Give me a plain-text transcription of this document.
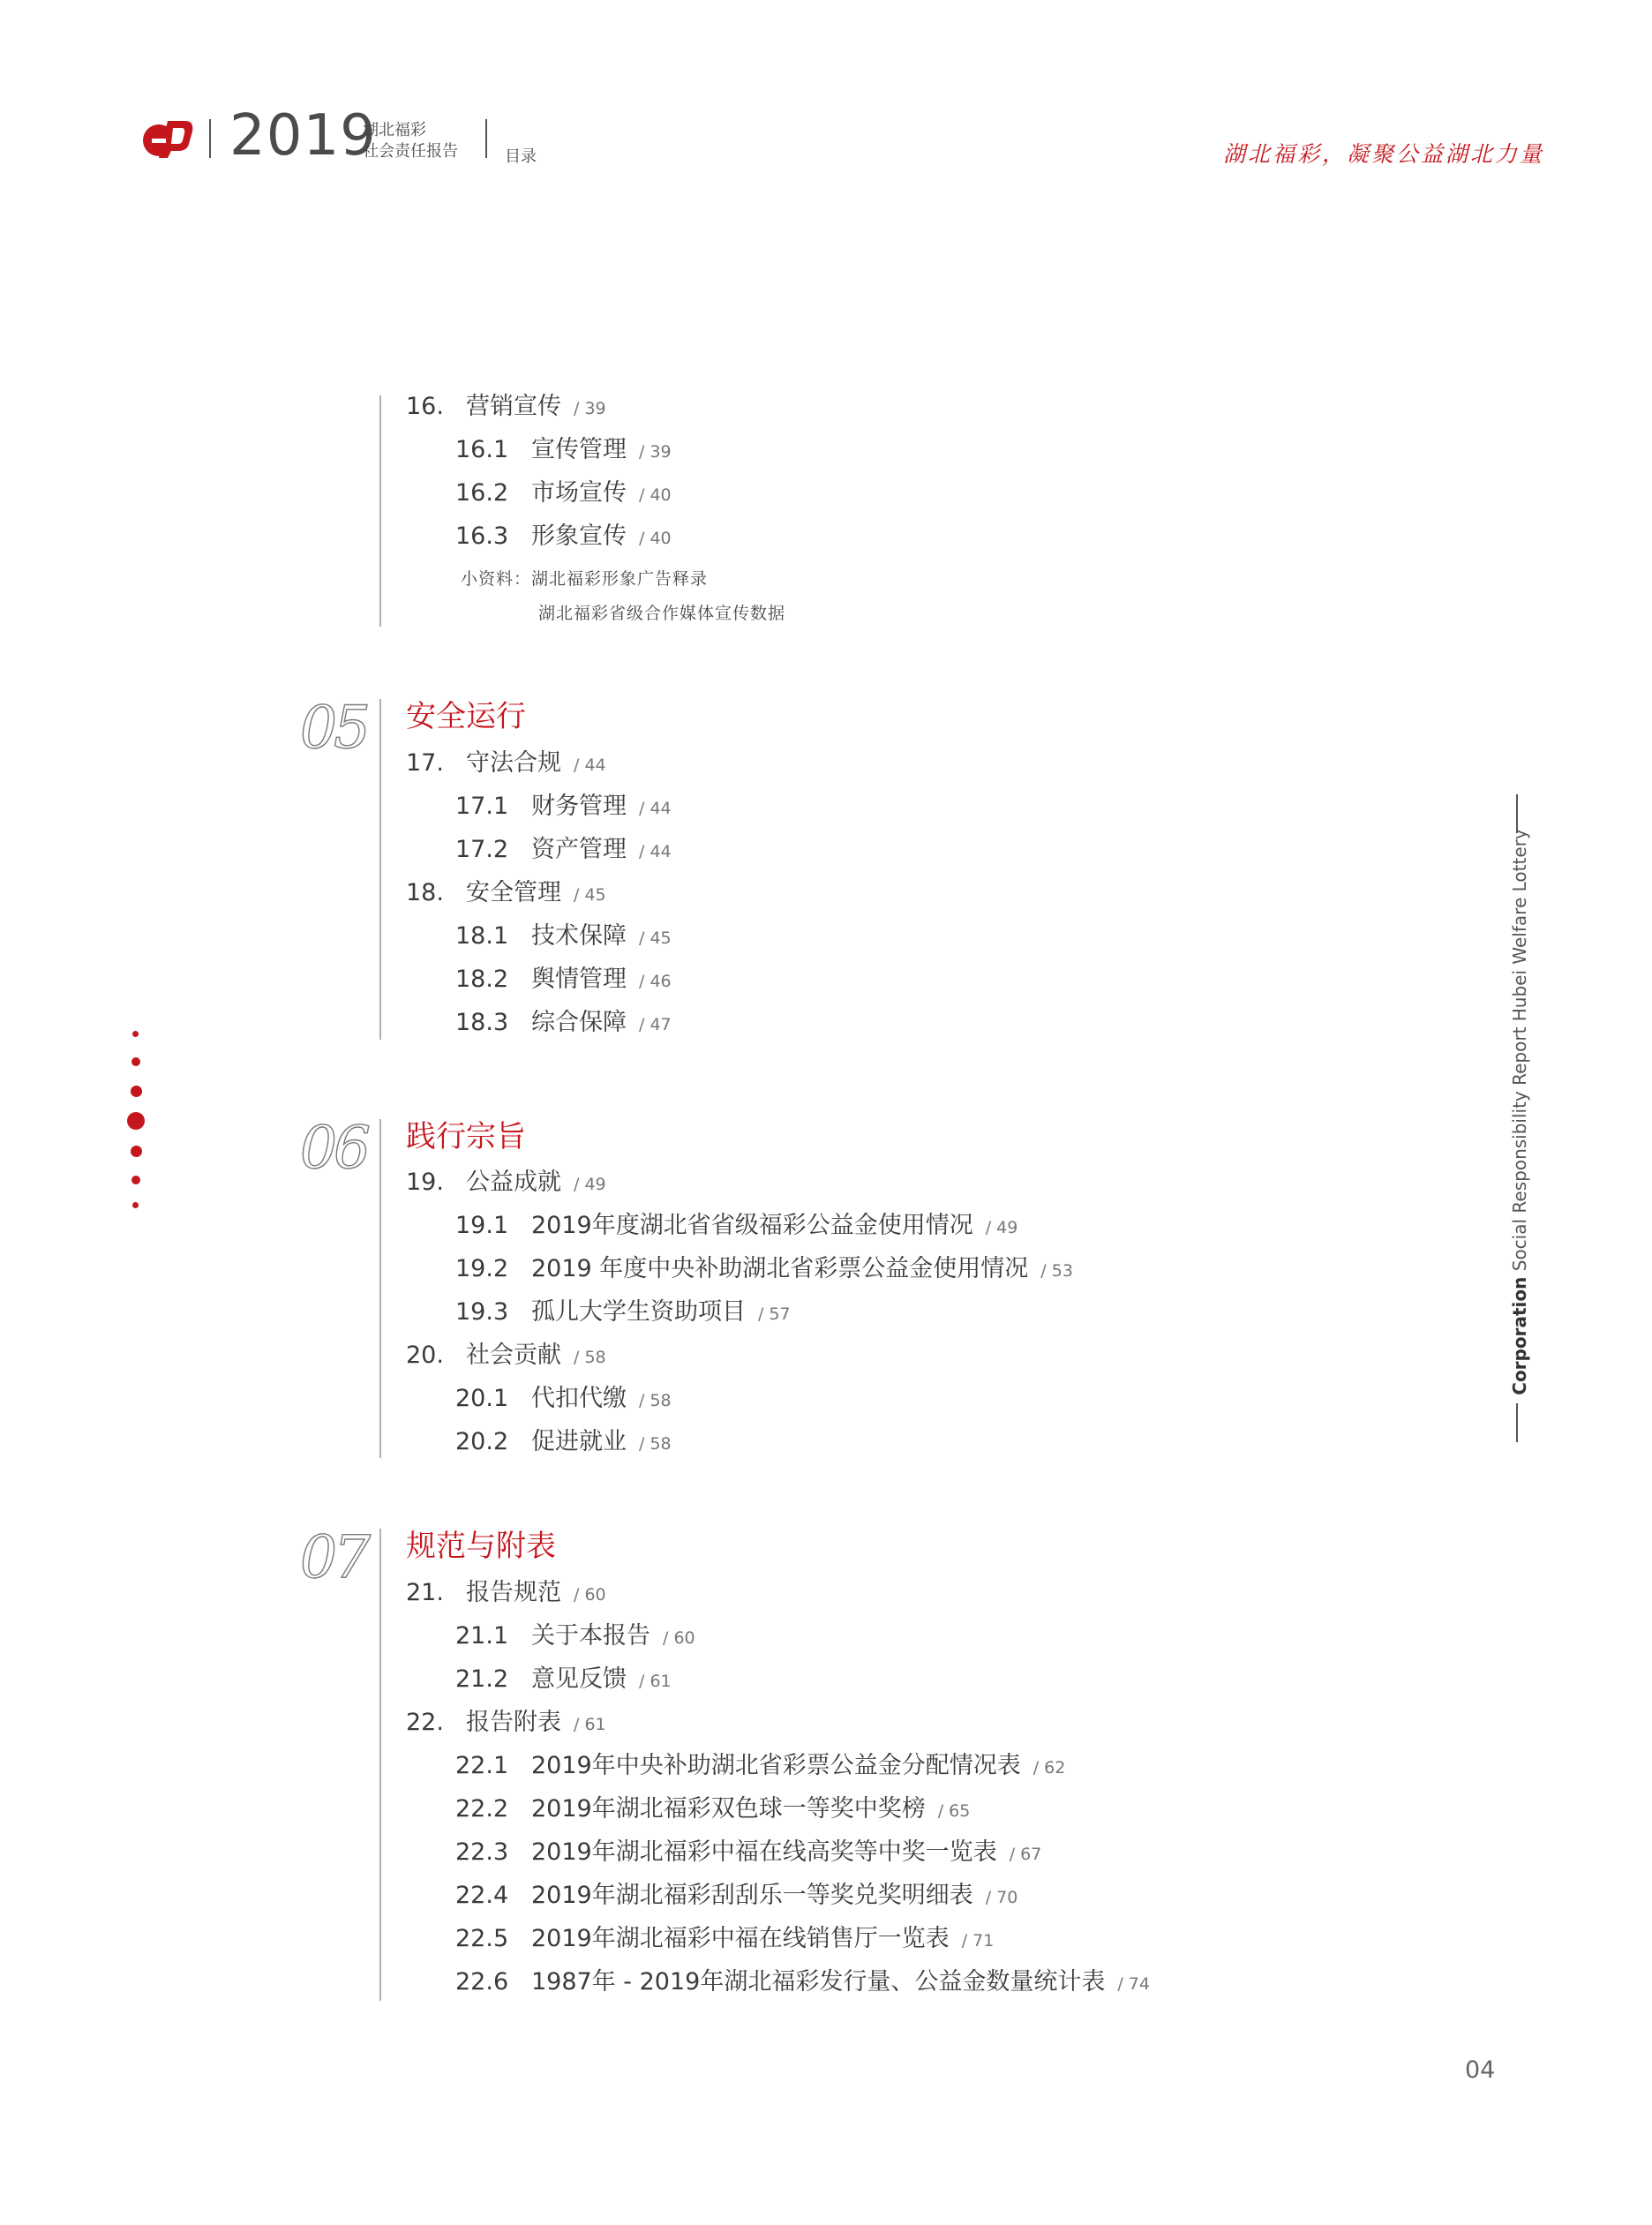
2019
湖北福彩
社会责任报告	目录	湖北福彩，凝聚公益湖北力量
16. 营销宣传 / 39
16.1 宣传管理 / 39
16.2 市场宣传 / 40
16.3 形象宣传 / 40
小资料：湖北福彩形象广告释录
湖北福彩省级合作媒体宣传数据
05 安全运行
17. 守法合规 / 44
17.1 财务管理 / 44
17.2 资产管理 / 44
18. 安全管理 / 45
18.1 技术保障 / 45
18.2 舆情管理 / 46
18.3 综合保障 / 47
06 践行宗旨
19. 公益成就 / 49
19.1 2019年度湖北省省级福彩公益金使用情况 / 49
19.2 2019 年度中央补助湖北省彩票公益金使用情况 / 53
19.3 孤儿大学生资助项目 / 57
20. 社会贡献 / 58
20.1 代扣代缴 / 58
20.2 促进就业 / 58
07 规范与附表
21. 报告规范 / 60
21.1 关于本报告 / 60
21.2 意见反馈 / 61
22. 报告附表 / 61
22.1 2019年中央补助湖北省彩票公益金分配情况表 / 62
22.2 2019年湖北福彩双色球一等奖中奖榜 / 65
22.3 2019年湖北福彩中福在线高奖等中奖一览表 / 67
22.4 2019年湖北福彩刮刮乐一等奖兑奖明细表 / 70
22.5 2019年湖北福彩中福在线销售厅一览表 / 71
22.6 1987年 - 2019年湖北福彩发行量、公益金数量统计表 / 74
Corporation Social Responsibility Report Hubei Welfare Lottery
04
